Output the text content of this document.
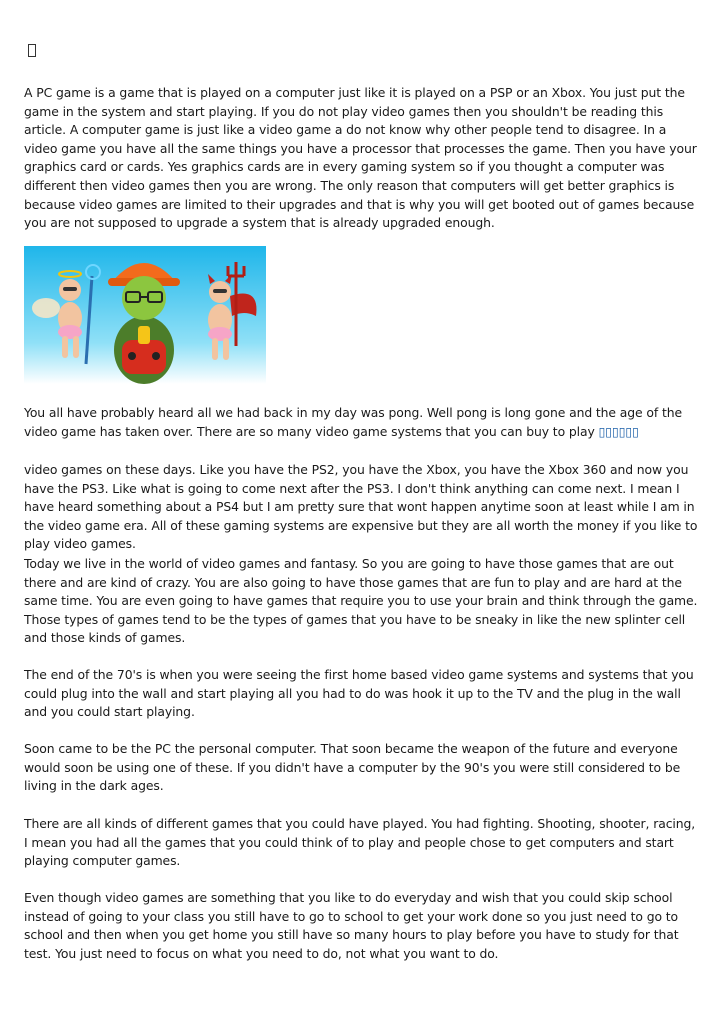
A PC game is a game that is played on a computer just like it is played on a PSP or an Xbox. You just put the game in the system and start playing. If you do not play video games then you shouldn't be reading this article. A computer game is just like a video game a do not know why other people tend to disagree. In a video game you have all the same things you have a processor that processes the game. Then you have your graphics card or cards. Yes graphics cards are in every gaming system so if you thought a computer was different then video games then you are wrong. The only reason that computers will get better graphics is because video games are limited to their upgrades and that is why you will get booted out of games because you are not supposed to upgrade a system that is already upgraded enough.

You all have probably heard all we had back in my day was pong. Well pong is long gone and the age of the video game has taken over. There are so many video game systems that you can buy to play ▯▯▯▯▯▯

video games on these days. Like you have the PS2, you have the Xbox, you have the Xbox 360 and now you have the PS3. Like what is going to come next after the PS3. I don't think anything can come next. I mean I have heard something about a PS4 but I am pretty sure that wont happen anytime soon at least while I am in the video game era. All of these gaming systems are expensive but they are all worth the money if you like to play video games.

Today we live in the world of video games and fantasy. So you are going to have those games that are out there and are kind of crazy. You are also going to have those games that are fun to play and are hard at the same time. You are even going to have games that require you to use your brain and think through the game. Those types of games tend to be the types of games that you have to be sneaky in like the new splinter cell and those kinds of games.

The end of the 70's is when you were seeing the first home based video game systems and systems that you could plug into the wall and start playing all you had to do was hook it up to the TV and the plug in the wall and you could start playing.

Soon came to be the PC the personal computer. That soon became the weapon of the future and everyone would soon be using one of these. If you didn't have a computer by the 90's you were still considered to be living in the dark ages.

There are all kinds of different games that you could have played. You had fighting. Shooting, shooter, racing, I mean you had all the games that you could think of to play and people chose to get computers and start playing computer games.

Even though video games are something that you like to do everyday and wish that you could skip school instead of going to your class you still have to go to school to get your work done so you just need to go to school and then when you get home you still have so many hours to play before you have to study for that test. You just need to focus on what you need to do, not what you want to do.
